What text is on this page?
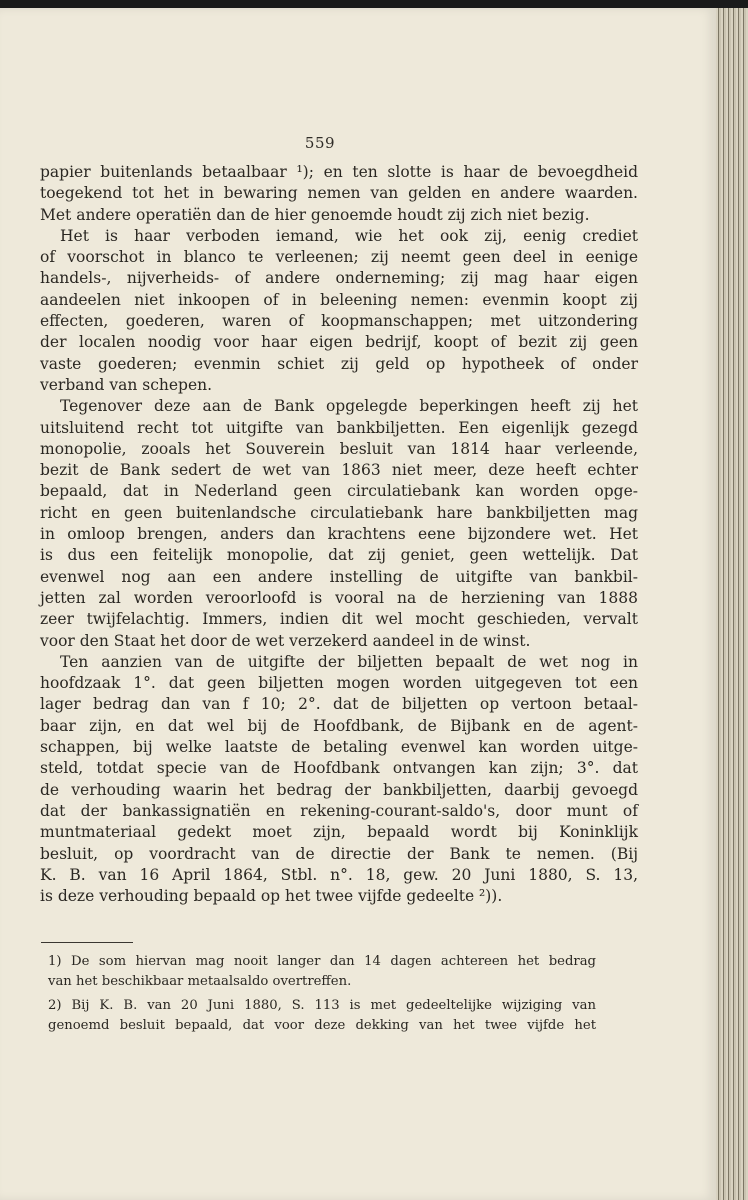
559
papier buitenlands betaalbaar ¹); en ten slotte is haar de bevoegdheid
toegekend tot het in bewaring nemen van gelden en andere waarden.
Met andere operatiën dan de hier genoemde houdt zij zich niet bezig.
Het is haar verboden iemand, wie het ook zij, eenig crediet
of voorschot in blanco te verleenen; zij neemt geen deel in eenige
handels-, nijverheids- of andere onderneming; zij mag haar eigen
aandeelen niet inkoopen of in beleening nemen: evenmin koopt zij
effecten, goederen, waren of koopmanschappen; met uitzondering
der localen noodig voor haar eigen bedrijf, koopt of bezit zij geen
vaste goederen; evenmin schiet zij geld op hypotheek of onder
verband van schepen.
Tegenover deze aan de Bank opgelegde beperkingen heeft zij het
uitsluitend recht tot uitgifte van bankbiljetten. Een eigenlijk gezegd
monopolie, zooals het Souverein besluit van 1814 haar verleende,
bezit de Bank sedert de wet van 1863 niet meer, deze heeft echter
bepaald, dat in Nederland geen circulatiebank kan worden opge-
richt en geen buitenlandsche circulatiebank hare bankbiljetten mag
in omloop brengen, anders dan krachtens eene bijzondere wet. Het
is dus een feitelijk monopolie, dat zij geniet, geen wettelijk. Dat
evenwel nog aan een andere instelling de uitgifte van bankbil-
jetten zal worden veroorloofd is vooral na de herziening van 1888
zeer twijfelachtig. Immers, indien dit wel mocht geschieden, vervalt
voor den Staat het door de wet verzekerd aandeel in de winst.
Ten aanzien van de uitgifte der biljetten bepaalt de wet nog in
hoofdzaak 1°. dat geen biljetten mogen worden uitgegeven tot een
lager bedrag dan van f 10; 2°. dat de biljetten op vertoon betaal-
baar zijn, en dat wel bij de Hoofdbank, de Bijbank en de agent-
schappen, bij welke laatste de betaling evenwel kan worden uitge-
steld, totdat specie van de Hoofdbank ontvangen kan zijn; 3°. dat
de verhouding waarin het bedrag der bankbiljetten, daarbij gevoegd
dat der bankassignatiën en rekening-courant-saldo's, door munt of
muntmateriaal gedekt moet zijn, bepaald wordt bij Koninklijk
besluit, op voordracht van de directie der Bank te nemen. (Bij
K. B. van 16 April 1864, Stbl. n°. 18, gew. 20 Juni 1880, S. 13,
is deze verhouding bepaald op het twee vijfde gedeelte ²)).
1) De som hiervan mag nooit langer dan 14 dagen achtereen het bedrag
van het beschikbaar metaalsaldo overtreffen.
2) Bij K. B. van 20 Juni 1880, S. 113 is met gedeeltelijke wijziging van
genoemd besluit bepaald, dat voor deze dekking van het twee vijfde het
